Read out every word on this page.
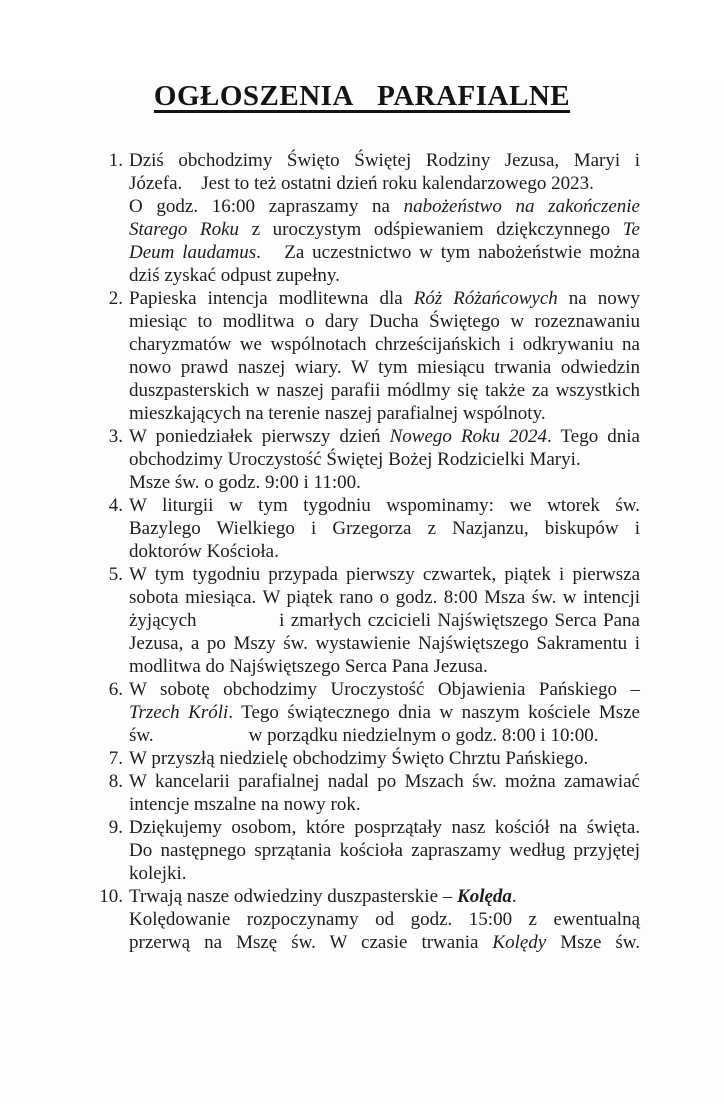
OGŁOSZENIA   PARAFIALNE
1. Dziś obchodzimy Święto Świętej Rodziny Jezusa, Maryi i
Józefa.    Jest to też ostatni dzień roku kalendarzowego 2023.
O godz. 16:00 zapraszamy na nabożeństwo na zakończenie
Starego Roku z uroczystym odśpiewaniem dziękczynnego Te
Deum laudamus.   Za uczestnictwo w tym nabożeństwie można
dziś zyskać odpust zupełny.
2. Papieska intencja modlitewna dla Róż Różańcowych na nowy
miesiąc to modlitwa o dary Ducha Świętego w rozeznawaniu
charyzmatów we wspólnotach chrześcijańskich i odkrywaniu na
nowo prawd naszej wiary. W tym miesiącu trwania odwiedzin
duszpasterskich w naszej parafii módlmy się także za wszystkich
mieszkających na terenie naszej parafialnej wspólnoty.
3. W poniedziałek pierwszy dzień Nowego Roku 2024. Tego dnia
obchodzimy Uroczystość Świętej Bożej Rodzicielki Maryi.
Msze św. o godz. 9:00 i 11:00.
4. W liturgii w tym tygodniu wspominamy: we wtorek św.
Bazylego Wielkiego i Grzegorza z Nazjanzu, biskupów i
doktorów Kościoła.
5. W tym tygodniu przypada pierwszy czwartek, piątek i pierwsza
sobota miesiąca. W piątek rano o godz. 8:00 Msza św. w intencji
żyjących             i zmarłych czcicieli Najświętszego Serca Pana
Jezusa, a po Mszy św. wystawienie Najświętszego Sakramentu i
modlitwa do Najświętszego Serca Pana Jezusa.
6. W sobotę obchodzimy Uroczystość Objawienia Pańskiego –
Trzech Króli. Tego świątecznego dnia w naszym kościele Msze
św.                    w porządku niedzielnym o godz. 8:00 i 10:00.
7. W przyszłą niedzielę obchodzimy Święto Chrztu Pańskiego.
8. W kancelarii parafialnej nadal po Mszach św. można zamawiać
intencje mszalne na nowy rok.
9. Dziękujemy osobom, które posprzątały nasz kościół na święta.
Do następnego sprzątania kościoła zapraszamy według przyjętej
kolejki.
10. Trwają nasze odwiedziny duszpasterskie – Kolęda.
Kolędowanie rozpoczynamy od godz. 15:00 z ewentualną
przerwą na Mszę św. W czasie trwania Kolędy Msze św.
